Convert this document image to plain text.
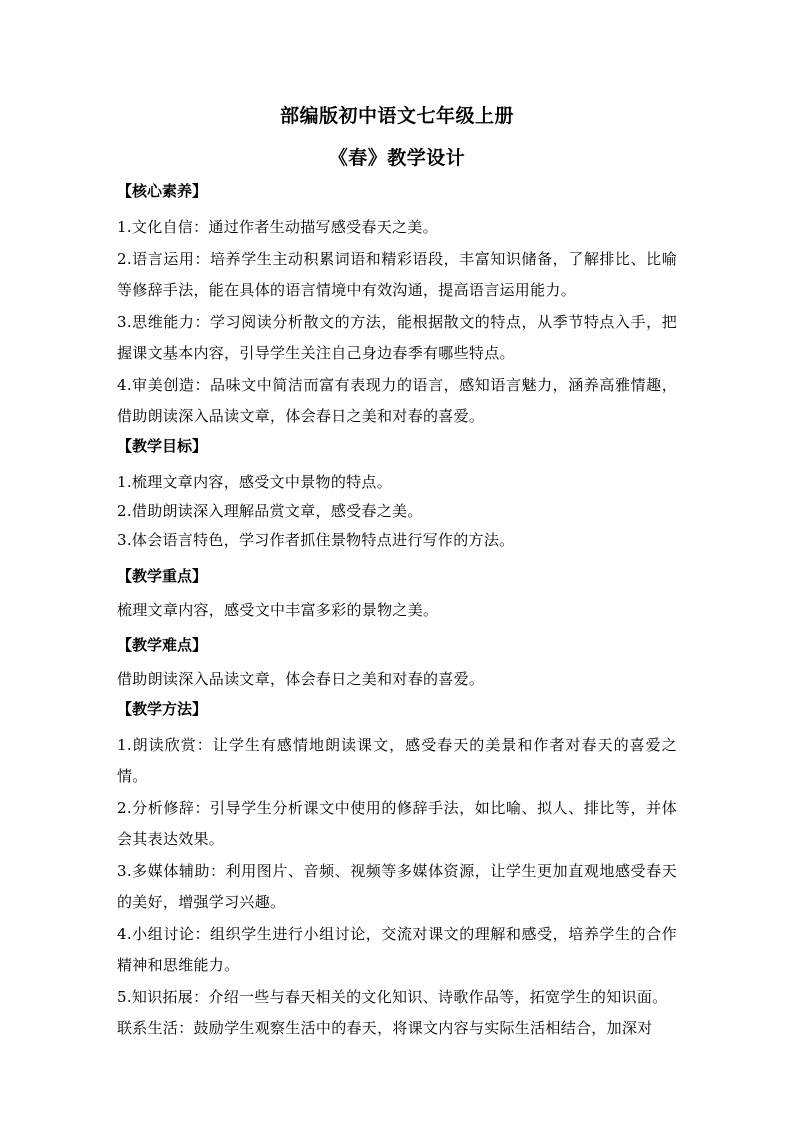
部编版初中语文七年级上册
《春》教学设计
【核心素养】

1.文化自信：通过作者生动描写感受春天之美。

2.语言运用：培养学生主动积累词语和精彩语段，丰富知识储备，了解排比、比喻等修辞手法，能在具体的语言情境中有效沟通，提高语言运用能力。

3.思维能力：学习阅读分析散文的方法，能根据散文的特点，从季节特点入手，把握课文基本内容，引导学生关注自己身边春季有哪些特点。

4.审美创造：品味文中简洁而富有表现力的语言，感知语言魅力，涵养高雅情趣，借助朗读深入品读文章，体会春日之美和对春的喜爱。

【教学目标】

1.梳理文章内容，感受文中景物的特点。

2.借助朗读深入理解品赏文章，感受春之美。

3.体会语言特色，学习作者抓住景物特点进行写作的方法。

【教学重点】

梳理文章内容，感受文中丰富多彩的景物之美。

【教学难点】

借助朗读深入品读文章，体会春日之美和对春的喜爱。

【教学方法】

1.朗读欣赏：让学生有感情地朗读课文，感受春天的美景和作者对春天的喜爱之情。

2.分析修辞：引导学生分析课文中使用的修辞手法，如比喻、拟人、排比等，并体会其表达效果。

3.多媒体辅助：利用图片、音频、视频等多媒体资源，让学生更加直观地感受春天的美好，增强学习兴趣。

4.小组讨论：组织学生进行小组讨论，交流对课文的理解和感受，培养学生的合作精神和思维能力。

5.知识拓展：介绍一些与春天相关的文化知识、诗歌作品等，拓宽学生的知识面。

联系生活：鼓励学生观察生活中的春天，将课文内容与实际生活相结合，加深对
